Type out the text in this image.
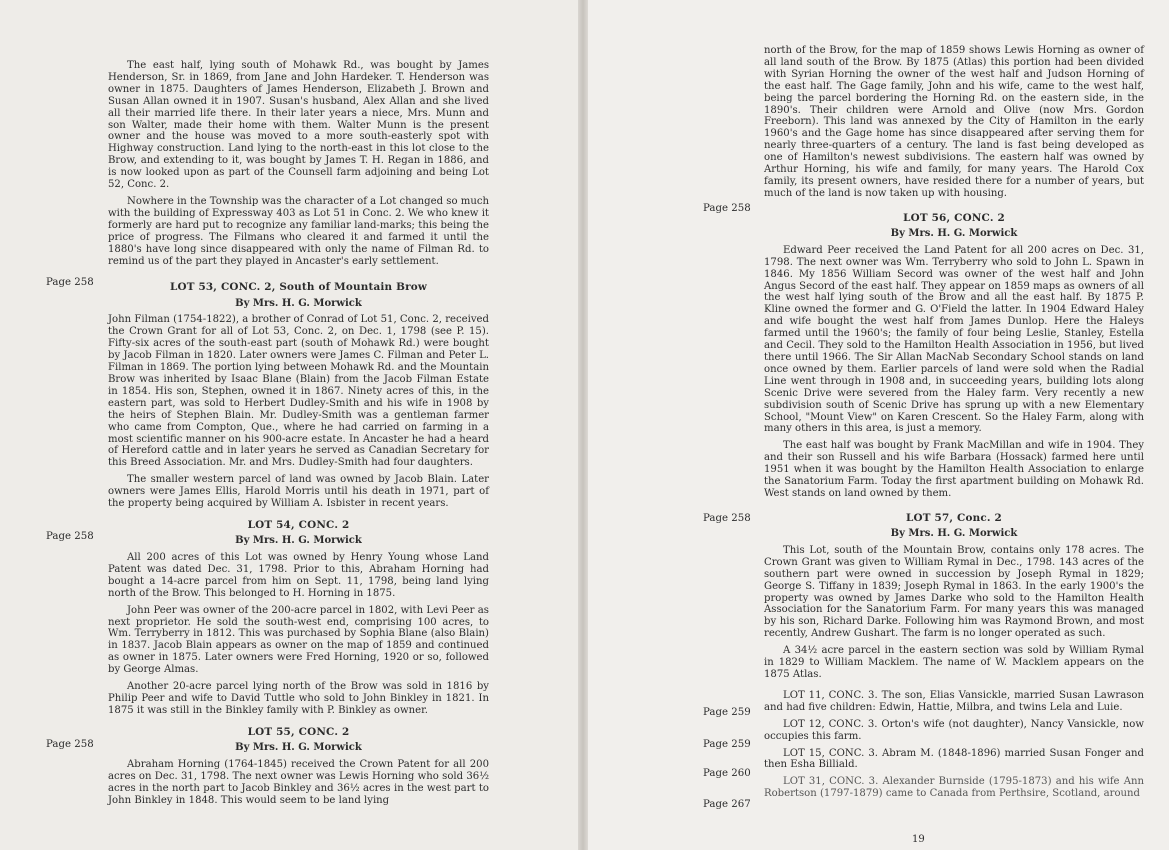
Page 258
Page 258
Page 258

The east half, lying south of Mohawk Rd., was bought by James Henderson, Sr. in 1869, from Jane and John Hardeker. T. Henderson was owner in 1875. Daughters of James Henderson, Elizabeth J. Brown and Susan Allan owned it in 1907. Susan's husband, Alex Allan and she lived all their married life there. In their later years a niece, Mrs. Munn and son Walter, made their home with them. Walter Munn is the present owner and the house was moved to a more south-easterly spot with Highway construction. Land lying to the north-east in this lot close to the Brow, and extending to it, was bought by James T. H. Regan in 1886, and is now looked upon as part of the Counsell farm adjoining and being Lot 52, Conc. 2.

Nowhere in the Township was the character of a Lot changed so much with the building of Expressway 403 as Lot 51 in Conc. 2. We who knew it formerly are hard put to recognize any familiar land-marks; this being the price of progress. The Filmans who cleared it and farmed it until the 1880's have long since disappeared with only the name of Filman Rd. to remind us of the part they played in Ancaster's early settlement.

LOT 53, CONC. 2, South of Mountain Brow
By Mrs. H. G. Morwick

John Filman (1754-1822), a brother of Conrad of Lot 51, Conc. 2, received the Crown Grant for all of Lot 53, Conc. 2, on Dec. 1, 1798 (see P. 15). Fifty-six acres of the south-east part (south of Mohawk Rd.) were bought by Jacob Filman in 1820. Later owners were James C. Filman and Peter L. Filman in 1869. The portion lying between Mohawk Rd. and the Mountain Brow was inherited by Isaac Blane (Blain) from the Jacob Filman Estate in 1854. His son, Stephen, owned it in 1867. Ninety acres of this, in the eastern part, was sold to Herbert Dudley-Smith and his wife in 1908 by the heirs of Stephen Blain. Mr. Dudley-Smith was a gentleman farmer who came from Compton, Que., where he had carried on farming in a most scientific manner on his 900-acre estate. In Ancaster he had a heard of Hereford cattle and in later years he served as Canadian Secretary for this Breed Association. Mr. and Mrs. Dudley-Smith had four daughters.

The smaller western parcel of land was owned by Jacob Blain. Later owners were James Ellis, Harold Morris until his death in 1971, part of the property being acquired by William A. Isbister in recent years.

LOT 54, CONC. 2
By Mrs. H. G. Morwick

All 200 acres of this Lot was owned by Henry Young whose Land Patent was dated Dec. 31, 1798. Prior to this, Abraham Horning had bought a 14-acre parcel from him on Sept. 11, 1798, being land lying north of the Brow. This belonged to H. Horning in 1875.

John Peer was owner of the 200-acre parcel in 1802, with Levi Peer as next proprietor. He sold the south-west end, comprising 100 acres, to Wm. Terryberry in 1812. This was purchased by Sophia Blane (also Blain) in 1837. Jacob Blain appears as owner on the map of 1859 and continued as owner in 1875. Later owners were Fred Horning, 1920 or so, followed by George Almas.

Another 20-acre parcel lying north of the Brow was sold in 1816 by Philip Peer and wife to David Tuttle who sold to John Binkley in 1821. In 1875 it was still in the Binkley family with P. Binkley as owner.

LOT 55, CONC. 2
By Mrs. H. G. Morwick

Abraham Horning (1764-1845) received the Crown Patent for all 200 acres on Dec. 31, 1798. The next owner was Lewis Horning who sold 36½ acres in the north part to Jacob Binkley and 36½ acres in the west part to John Binkley in 1848. This would seem to be land lying

Page 258
Page 258
Page 259
Page 259
Page 260
Page 267

north of the Brow, for the map of 1859 shows Lewis Horning as owner of all land south of the Brow. By 1875 (Atlas) this portion had been divided with Syrian Horning the owner of the west half and Judson Horning of the east half. The Gage family, John and his wife, came to the west half, being the parcel bordering the Horning Rd. on the eastern side, in the 1890's. Their children were Arnold and Olive (now Mrs. Gordon Freeborn). This land was annexed by the City of Hamilton in the early 1960's and the Gage home has since disappeared after serving them for nearly three-quarters of a century. The land is fast being developed as one of Hamilton's newest subdivisions. The eastern half was owned by Arthur Horning, his wife and family, for many years. The Harold Cox family, its present owners, have resided there for a number of years, but much of the land is now taken up with housing.

LOT 56, CONC. 2
By Mrs. H. G. Morwick

Edward Peer received the Land Patent for all 200 acres on Dec. 31, 1798. The next owner was Wm. Terryberry who sold to John L. Spawn in 1846. My 1856 William Secord was owner of the west half and John Angus Secord of the east half. They appear on 1859 maps as owners of all the west half lying south of the Brow and all the east half. By 1875 P. Kline owned the former and G. O'Field the latter. In 1904 Edward Haley and wife bought the west half from James Dunlop. Here the Haleys farmed until the 1960's; the family of four being Leslie, Stanley, Estella and Cecil. They sold to the Hamilton Health Association in 1956, but lived there until 1966. The Sir Allan MacNab Secondary School stands on land once owned by them. Earlier parcels of land were sold when the Radial Line went through in 1908 and, in succeeding years, building lots along Scenic Drive were severed from the Haley farm. Very recently a new subdivision south of Scenic Drive has sprung up with a new Elementary School, "Mount View" on Karen Crescent. So the Haley Farm, along with many others in this area, is just a memory.

The east half was bought by Frank MacMillan and wife in 1904. They and their son Russell and his wife Barbara (Hossack) farmed here until 1951 when it was bought by the Hamilton Health Association to enlarge the Sanatorium Farm. Today the first apartment building on Mohawk Rd. West stands on land owned by them.

LOT 57, Conc. 2
By Mrs. H. G. Morwick

This Lot, south of the Mountain Brow, contains only 178 acres. The Crown Grant was given to William Rymal in Dec., 1798. 143 acres of the southern part were owned in succession by Joseph Rymal in 1829; George S. Tiffany in 1839; Joseph Rymal in 1863. In the early 1900's the property was owned by James Darke who sold to the Hamilton Health Association for the Sanatorium Farm. For many years this was managed by his son, Richard Darke. Following him was Raymond Brown, and most recently, Andrew Gushart. The farm is no longer operated as such.

A 34½ acre parcel in the eastern section was sold by William Rymal in 1829 to William Macklem. The name of W. Macklem appears on the 1875 Atlas.

LOT 11, CONC. 3. The son, Elias Vansickle, married Susan Lawrason and had five children: Edwin, Hattie, Milbra, and twins Lela and Luie.

LOT 12, CONC. 3. Orton's wife (not daughter), Nancy Vansickle, now occupies this farm.

LOT 15, CONC. 3. Abram M. (1848-1896) married Susan Fonger and then Esha Billiald.

LOT 31, CONC. 3. Alexander Burnside (1795-1873) and his wife Ann Robertson (1797-1879) came to Canada from Perthsire, Scotland, around

19
